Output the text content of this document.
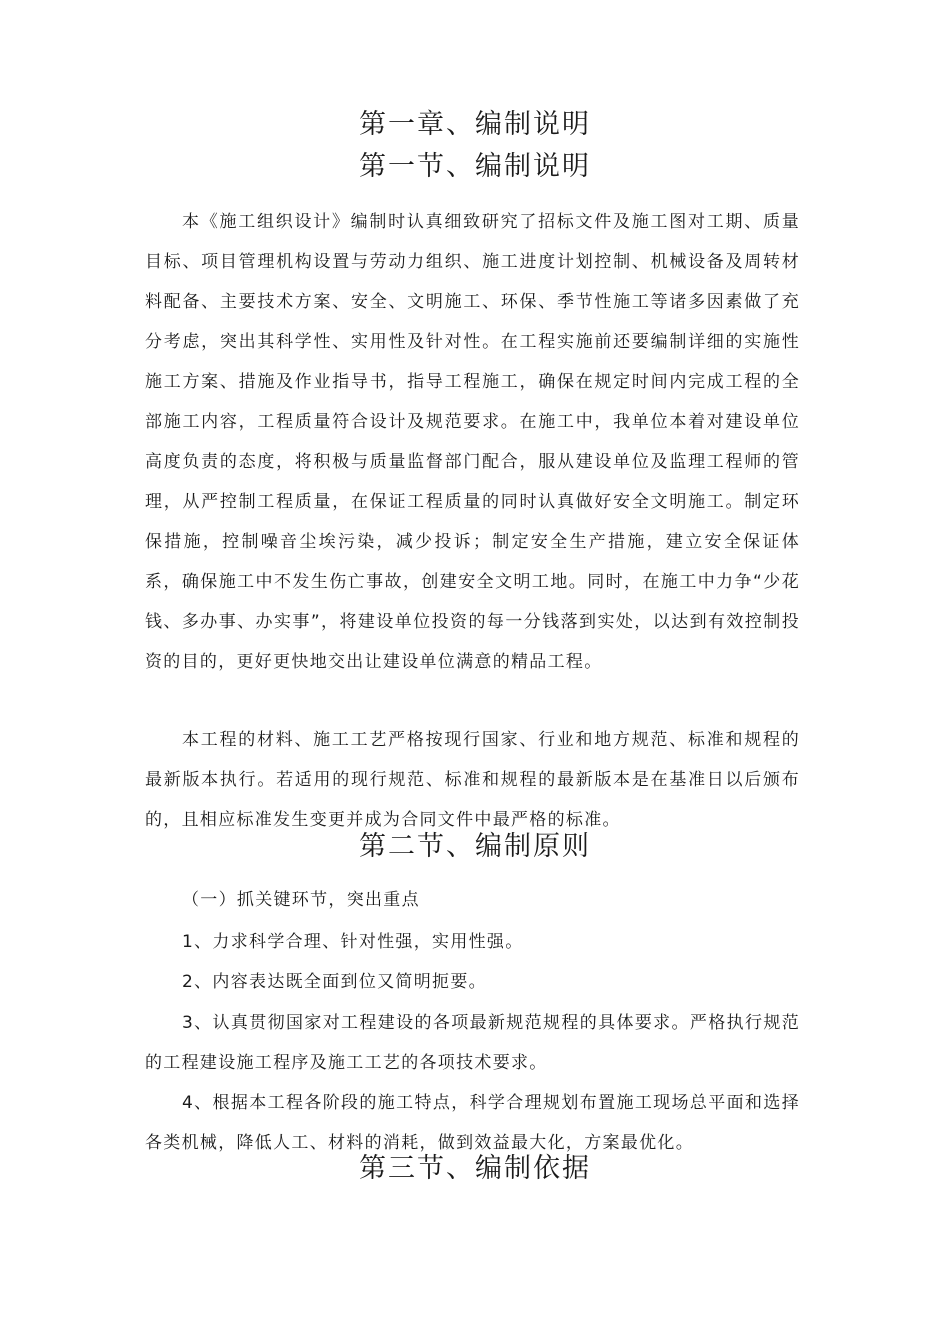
第一章、编制说明
第一节、编制说明

本《施工组织设计》编制时认真细致研究了招标文件及施工图对工期、质量目标、项目管理机构设置与劳动力组织、施工进度计划控制、机械设备及周转材料配备、主要技术方案、安全、文明施工、环保、季节性施工等诸多因素做了充分考虑，突出其科学性、实用性及针对性。在工程实施前还要编制详细的实施性施工方案、措施及作业指导书，指导工程施工，确保在规定时间内完成工程的全部施工内容，工程质量符合设计及规范要求。在施工中，我单位本着对建设单位高度负责的态度，将积极与质量监督部门配合，服从建设单位及监理工程师的管理，从严控制工程质量，在保证工程质量的同时认真做好安全文明施工。制定环保措施，控制噪音尘埃污染，减少投诉；制定安全生产措施，建立安全保证体系，确保施工中不发生伤亡事故，创建安全文明工地。同时，在施工中力争“少花钱、多办事、办实事”，将建设单位投资的每一分钱落到实处，以达到有效控制投资的目的，更好更快地交出让建设单位满意的精品工程。

本工程的材料、施工工艺严格按现行国家、行业和地方规范、标准和规程的最新版本执行。若适用的现行规范、标准和规程的最新版本是在基准日以后颁布的，且相应标准发生变更并成为合同文件中最严格的标准。

第二节、编制原则

（一）抓关键环节，突出重点

1、力求科学合理、针对性强，实用性强。

2、内容表达既全面到位又简明扼要。

3、认真贯彻国家对工程建设的各项最新规范规程的具体要求。严格执行规范的工程建设施工程序及施工工艺的各项技术要求。

4、根据本工程各阶段的施工特点，科学合理规划布置施工现场总平面和选择各类机械，降低人工、材料的消耗，做到效益最大化，方案最优化。

第三节、编制依据
